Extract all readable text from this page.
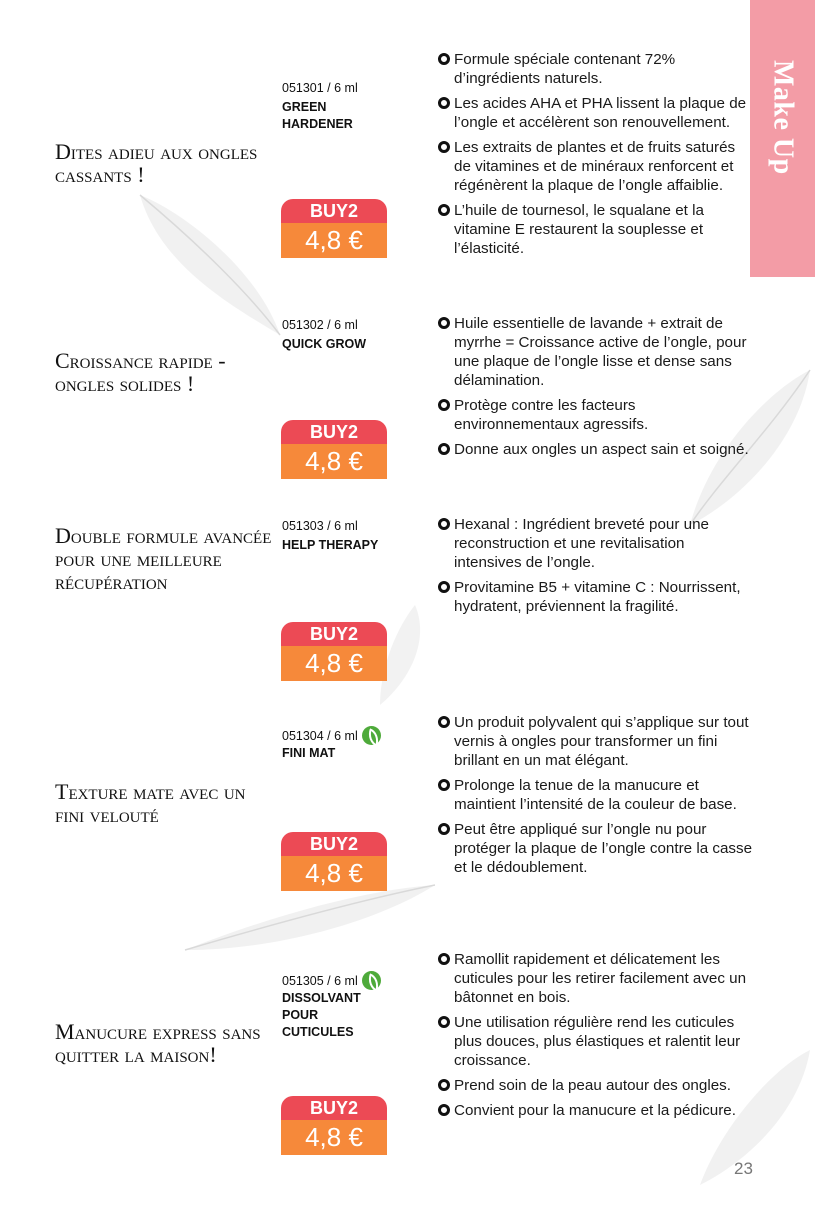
Make Up
Dites adieu aux ongles cassants !
051301 / 6 ml
GREEN HARDENER
BUY2
4,8 €
Formule spéciale contenant 72% d’ingrédients naturels.
Les acides AHA et PHA lissent la plaque de l’ongle et accélèrent son renouvellement.
Les extraits de plantes et de fruits saturés de vitamines et de minéraux renforcent et régénèrent la plaque de l’ongle affaiblie.
L’huile de tournesol, le squalane et la vitamine E restaurent la souplesse et l’élasticité.
Croissance rapide - ongles solides !
051302 / 6 ml
QUICK GROW
BUY2
4,8 €
Huile essentielle de lavande + extrait de myrrhe = Croissance active de l’ongle, pour une plaque de l’ongle lisse et dense sans délamination.
Protège contre les facteurs environnementaux agressifs.
Donne aux ongles un aspect sain et soigné.
Double formule avancée pour une meilleure récupération
051303 / 6 ml
HELP THERAPY
BUY2
4,8 €
Hexanal : Ingrédient breveté pour une reconstruction et une revitalisation intensives de l’ongle.
Provitamine B5 + vitamine C : Nourrissent, hydratent, préviennent la fragilité.
Texture mate avec un fini velouté
051304 / 6 ml
FINI MAT
BUY2
4,8 €
Un produit polyvalent qui s’applique sur tout vernis à ongles pour transformer un fini brillant en un mat élégant.
Prolonge la tenue de la manucure et maintient l’intensité de la couleur de base.
Peut être appliqué sur l’ongle nu pour protéger la plaque de l’ongle contre la casse et le dédoublement.
Manucure express sans quitter la maison!
051305 / 6 ml
DISSOLVANT POUR CUTICULES
BUY2
4,8 €
Ramollit rapidement et délicatement les cuticules pour les retirer facilement avec un bâtonnet en bois.
Une utilisation régulière rend les cuticules plus douces, plus élastiques et ralentit leur croissance.
Prend soin de la peau autour des ongles.
Convient pour la manucure et la pédicure.
23
